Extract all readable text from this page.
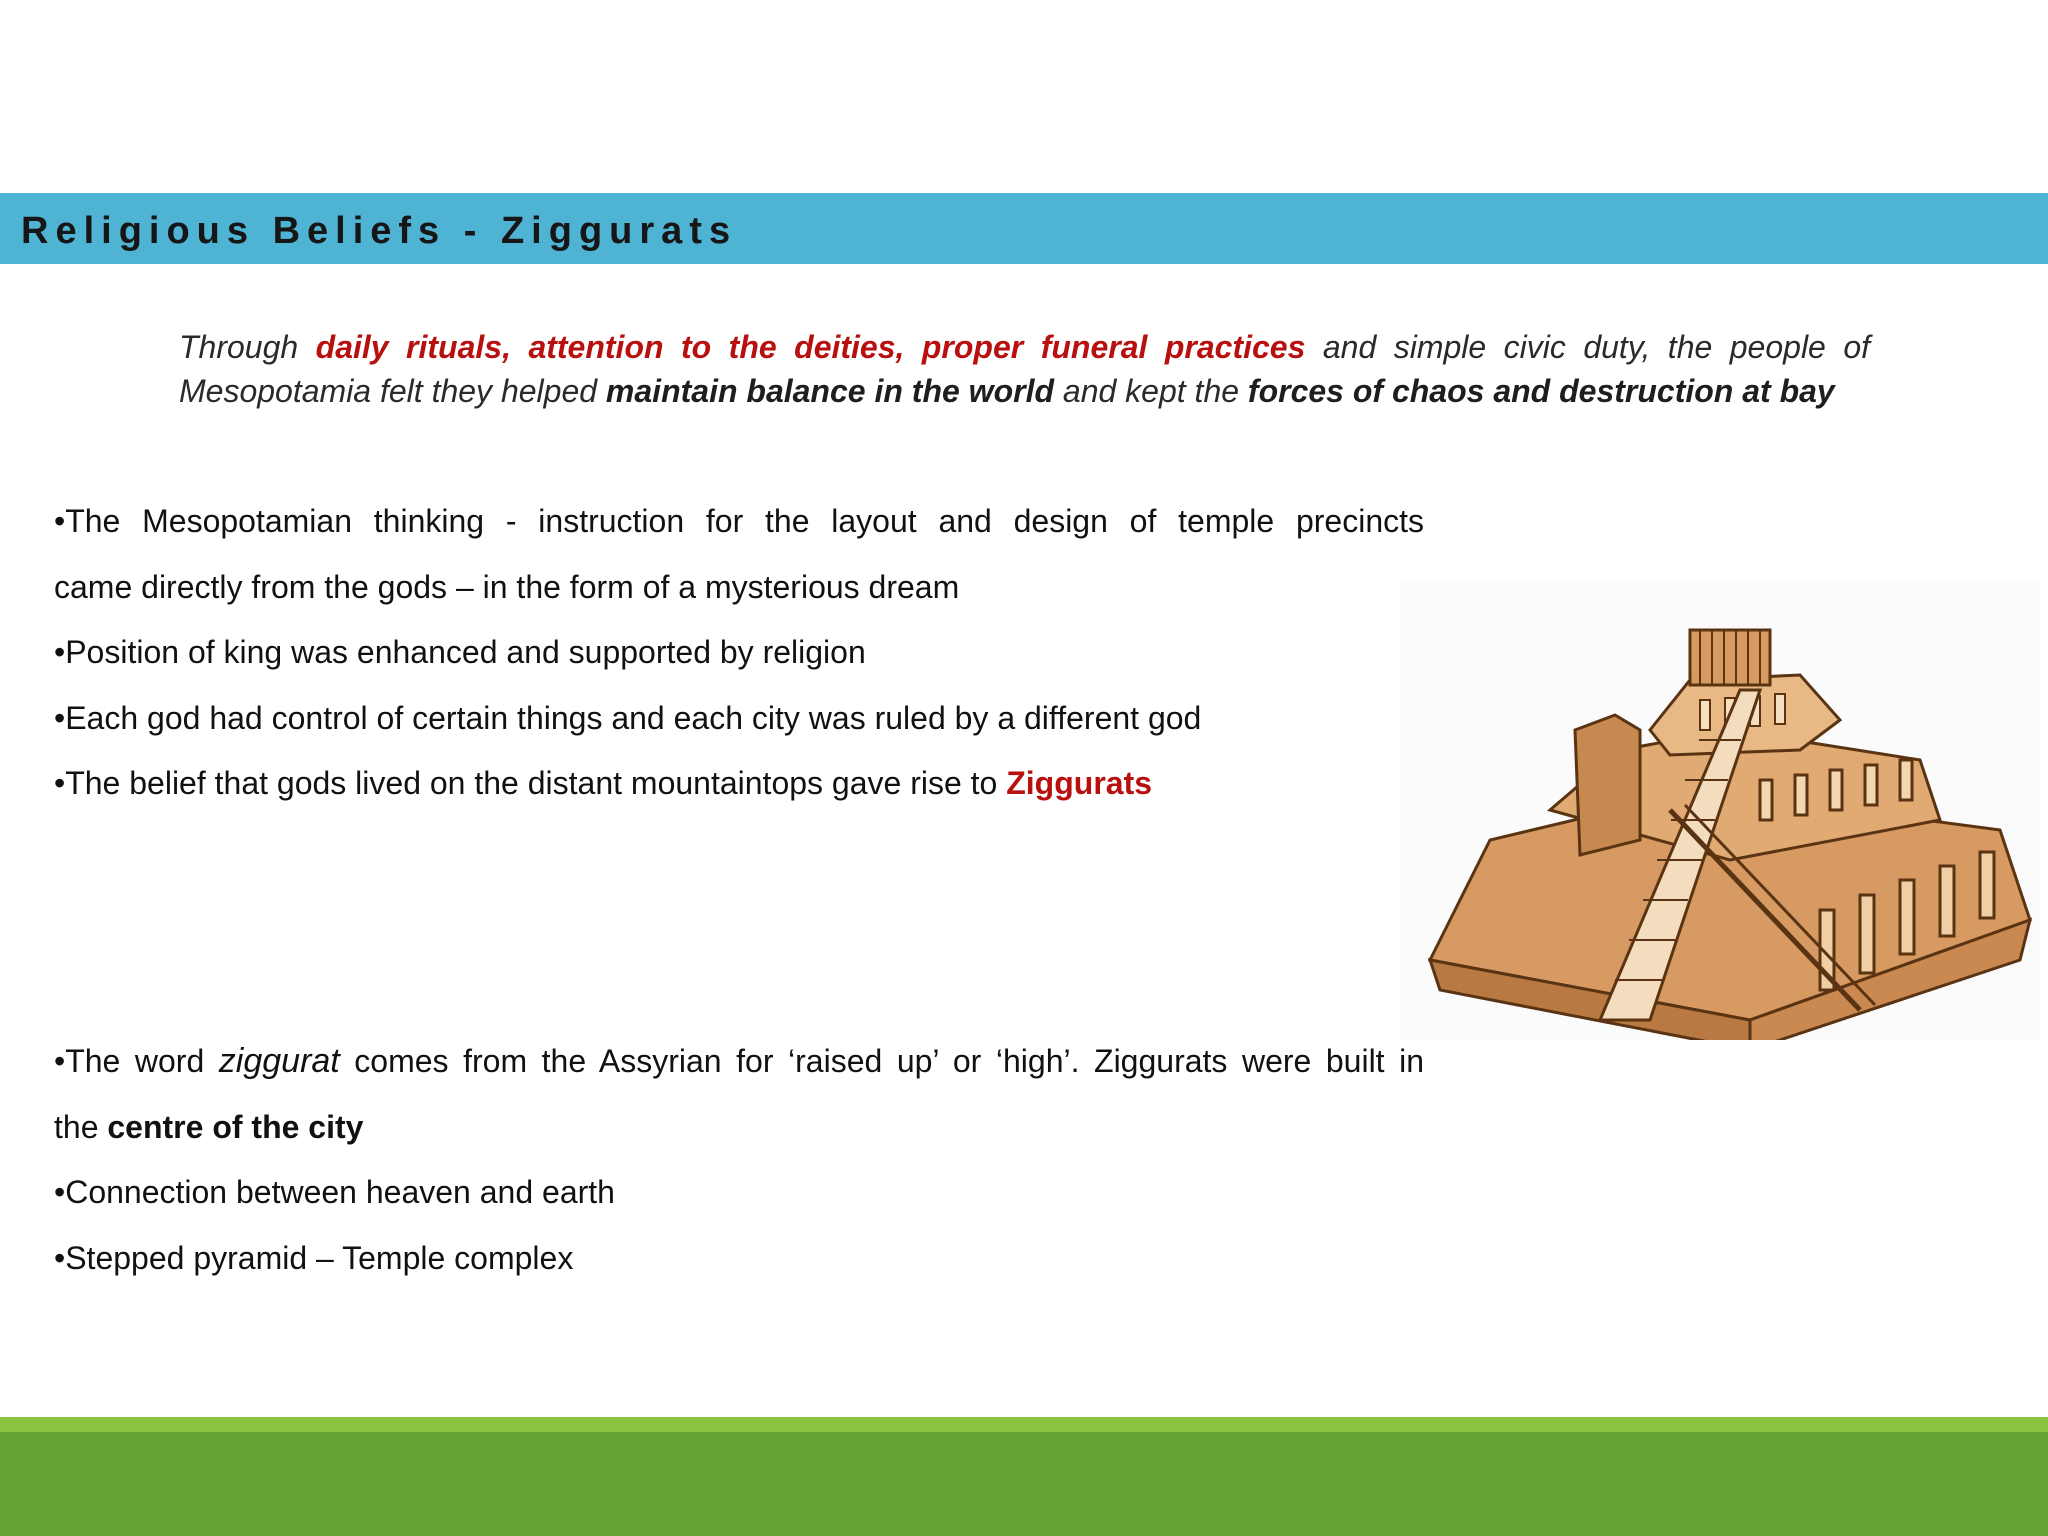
Religious Beliefs - Ziggurats
Through daily rituals, attention to the deities, proper funeral practices and simple civic duty, the people of Mesopotamia felt they helped maintain balance in the world and kept the forces of chaos and destruction at bay

•The Mesopotamian thinking - instruction for the layout and design of temple precincts

came directly from the gods – in the form of a mysterious dream

•Position of king was enhanced and supported by religion

•Each god had control of certain things and each city was ruled by a different god

•The belief that gods lived on the distant mountaintops gave rise to Ziggurats

•The word ziggurat comes from the Assyrian for ‘raised up’ or ‘high’. Ziggurats were built in

the centre of the city

•Connection between heaven and earth

•Stepped pyramid – Temple complex
